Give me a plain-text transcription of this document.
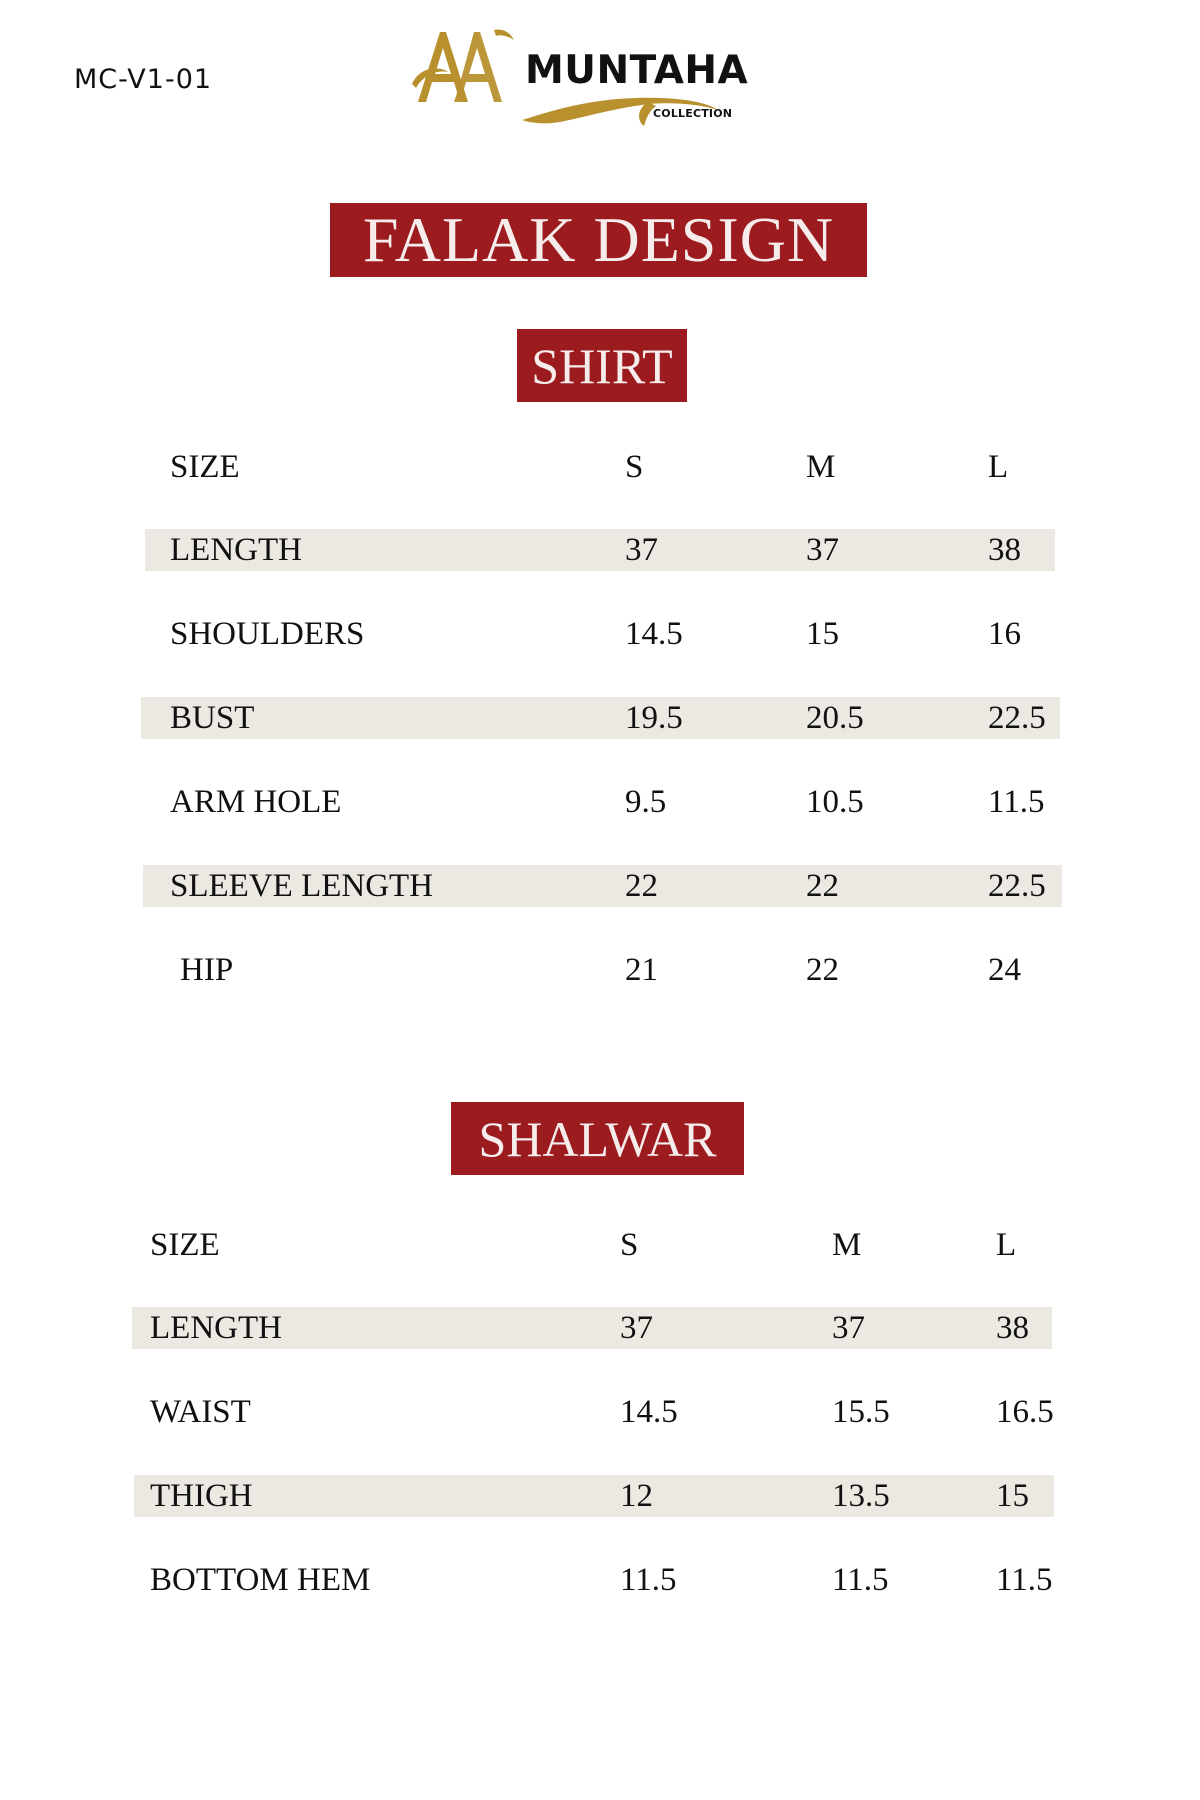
MC-V1-01	MUNTAHA
COLLECTION
FALAK DESIGN
SHIRT
SIZE	S	M	L
LENGTH	37	37	38
SHOULDERS	14.5	15	16
BUST	19.5	20.5	22.5
ARM HOLE	9.5	10.5	11.5
SLEEVE LENGTH	22	22	22.5
HIP	21	22	24
SHALWAR
SIZE	S	M	L
LENGTH	37	37	38
WAIST	14.5	15.5	16.5
THIGH	12	13.5	15
BOTTOM HEM	11.5	11.5	11.5
